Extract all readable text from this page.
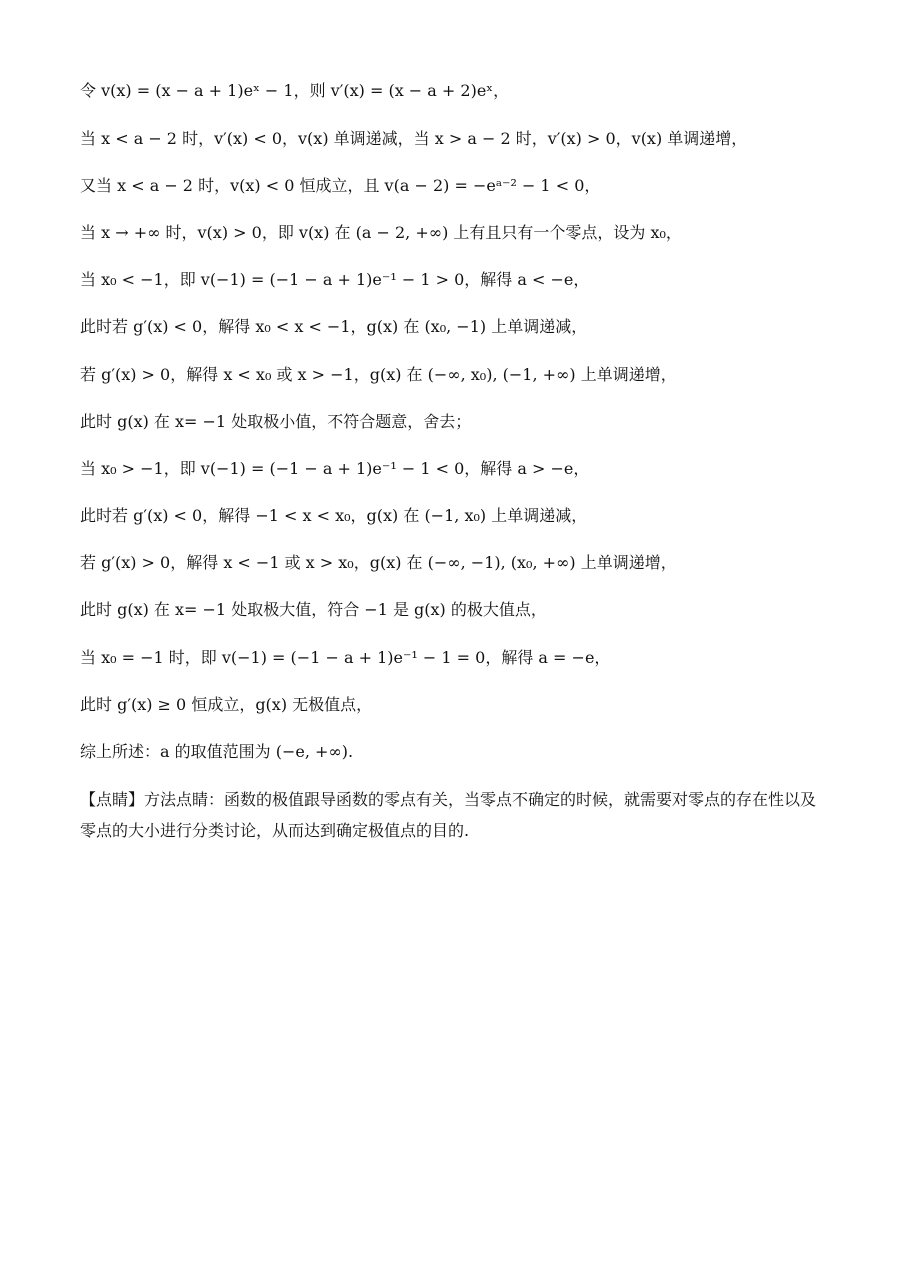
令 v(x) = (x − a + 1)eˣ − 1，则 v′(x) = (x − a + 2)eˣ，
当 x < a − 2 时，v′(x) < 0，v(x) 单调递减，当 x > a − 2 时，v′(x) > 0，v(x) 单调递增，
又当 x < a − 2 时，v(x) < 0 恒成立，且 v(a − 2) = −eᵃ⁻² − 1 < 0，
当 x → +∞ 时，v(x) > 0，即 v(x) 在 (a − 2, +∞) 上有且只有一个零点，设为 x₀，
当 x₀ < −1，即 v(−1) = (−1 − a + 1)e⁻¹ − 1 > 0，解得 a < −e，
此时若 g′(x) < 0，解得 x₀ < x < −1，g(x) 在 (x₀, −1) 上单调递减，
若 g′(x) > 0，解得 x < x₀ 或 x > −1，g(x) 在 (−∞, x₀), (−1, +∞) 上单调递增，
此时 g(x) 在 x= −1 处取极小值，不符合题意，舍去；
当 x₀ > −1，即 v(−1) = (−1 − a + 1)e⁻¹ − 1 < 0，解得 a > −e，
此时若 g′(x) < 0，解得 −1 < x < x₀，g(x) 在 (−1, x₀) 上单调递减，
若 g′(x) > 0，解得 x < −1 或 x > x₀，g(x) 在 (−∞, −1), (x₀, +∞) 上单调递增，
此时 g(x) 在 x= −1 处取极大值，符合 −1 是 g(x) 的极大值点，
当 x₀ = −1 时，即 v(−1) = (−1 − a + 1)e⁻¹ − 1 = 0，解得 a = −e，
此时 g′(x) ≥ 0 恒成立，g(x) 无极值点，
综上所述：a 的取值范围为 (−e, +∞).
【点睛】方法点睛：函数的极值跟导函数的零点有关，当零点不确定的时候，就需要对零点的存在性以及零点的大小进行分类讨论，从而达到确定极值点的目的.
